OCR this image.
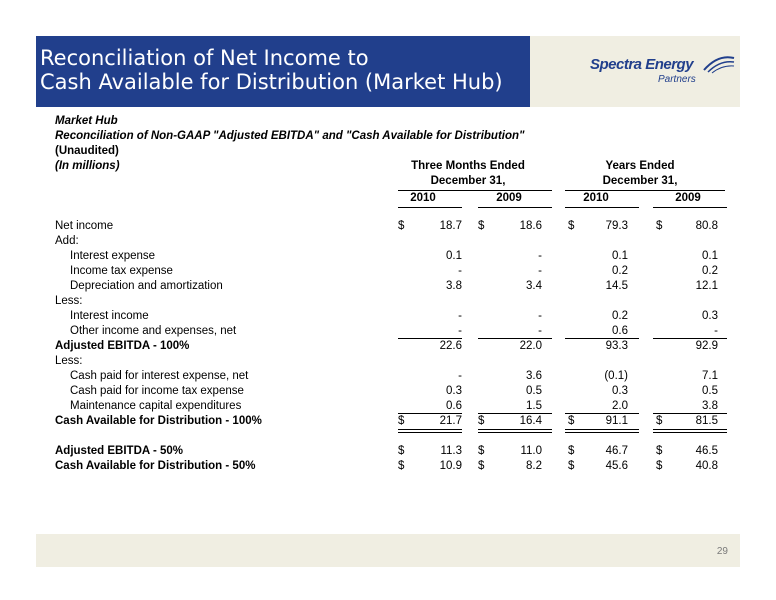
Reconciliation of Net Income to
Cash Available for Distribution (Market Hub)
Spectra Energy
Partners
Market Hub
Reconciliation of Non-GAAP "Adjusted EBITDA" and "Cash Available for Distribution"
(Unaudited)
(In millions)	Three Months Ended
December 31,
Years Ended
December 31,
2010	2009	2010	2009
Net income	$	18.7 $	18.6 $	79.3 $	80.8
Add:
Interest expense	0.1	-	0.1	0.1
Income tax expense	-	-	0.2	0.2
Depreciation and amortization	3.8	3.4	14.5	12.1
Less:
Interest income	-	-	0.2	0.3
Other income and expenses, net	-	-	0.6	-
Adjusted EBITDA - 100%	22.6	22.0	93.3	92.9
Less:
Cash paid for interest expense, net	-	3.6	(0.1)	7.1
Cash paid for income tax expense	0.3	0.5	0.3	0.5
Maintenance capital expenditures	0.6	1.5	2.0	3.8
Cash Available for Distribution - 100%	$	21.7 $	16.4 $	91.1 $	81.5
Adjusted EBITDA - 50%	$	11.3 $	11.0 $	46.7 $	46.5
Cash Available for Distribution - 50%	$	10.9 $	8.2 $	45.6 $	40.8
29
